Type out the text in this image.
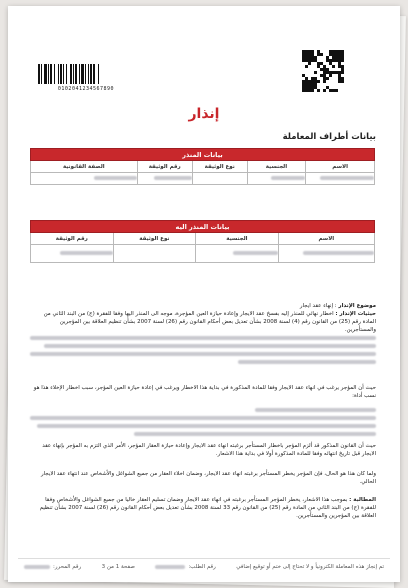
0102041234567890
إنذار
بيانات أطراف المعاملة
بيانات المنذر				
الاسم	الجنسية	نوع الوثيقة	رقم الوثيقة	الصفة القانونية

بيانات المنذر اليه			
الاسم	الجنسية	نوع الوثيقة	رقم الوثيقة

موضوع الإنذار : إنهاء عقد ايجار
حيثيات الإنذار : اخطار نهائي للمنذر إليه بفسخ عقد الايجار وإعادة حيازة العين المؤجرة، موجه الى المنذر اليها وفقا للفقرة (ج) من البند الثاني من المادة رقم (25) من القانون رقم (4) لسنة 2008 بشأن تعديل بعض أحكام القانون رقم (26) لسنة 2007 بشأن تنظيم العلاقة بين المؤجرين والمستأجرين.
حيث أن المؤجر يرغب في انهاء عقد الايجار وفقا للمادة المذكورة في بداية هذا الاخطار ويرغب في إعادة حيازة العين المؤجر، سبب اخطار الإخلاء هذا هو نسب أداة:
حيث أن القانون المذكور قد ألزم المؤجر باخطار المستأجر برغبته انهاء عقد الايجار وإعادة حيازة العقار المؤجر، الأمر الذي التزم به المؤجر بإنهاء عقد الايجار قبل تاريخ انتهائه وفقا للمادة المذكورة أولا في بداية هذا الاشعار.
ولما كان هذا هو الحال، فإن المؤجر يخطر المستأجر برغبته انهاء عقد الايجار، وضمان اخلاء العقار من جميع الشواغل والأشخاص عند انتهاء عقد الايجار الحالي.
المطالبة : بموجب هذا الاشعار، يخطر المؤجر المستأجر برغبته في انهاء عقد الايجار وضمان تسليم العقار خاليا من جميع الشواغل والأشخاص وفقا للفقرة (ج) من البند الثاني من المادة رقم (25) من القانون رقم 33 لسنة 2008 بشأن تعديل بعض أحكام القانون رقم (26) لسنة 2007 بشأن تنظيم العلاقة بين المؤجرين والمستأجرين.
تم إنجاز هذه المعاملة الكترونياً و لا تحتاج إلى ختم أو توقيع إضافي
رقم الطلب:
صفحة 1 من 3
رقم المحرر:
